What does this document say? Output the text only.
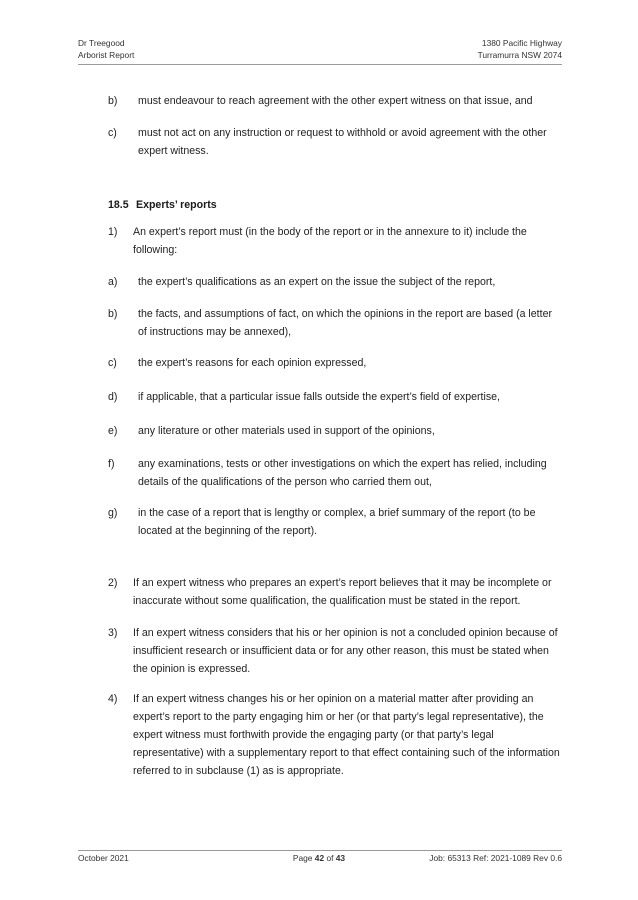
Dr Treegood
Arborist Report
1380 Pacific Highway
Turramurra NSW 2074
b) must endeavour to reach agreement with the other expert witness on that issue, and
c) must not act on any instruction or request to withhold or avoid agreement with the other expert witness.
18.5 Experts’ reports
1) An expert’s report must (in the body of the report or in the annexure to it) include the following:
a) the expert’s qualifications as an expert on the issue the subject of the report,
b) the facts, and assumptions of fact, on which the opinions in the report are based (a letter of instructions may be annexed),
c) the expert’s reasons for each opinion expressed,
d) if applicable, that a particular issue falls outside the expert’s field of expertise,
e) any literature or other materials used in support of the opinions,
f) any examinations, tests or other investigations on which the expert has relied, including details of the qualifications of the person who carried them out,
g) in the case of a report that is lengthy or complex, a brief summary of the report (to be located at the beginning of the report).
2) If an expert witness who prepares an expert’s report believes that it may be incomplete or inaccurate without some qualification, the qualification must be stated in the report.
3) If an expert witness considers that his or her opinion is not a concluded opinion because of insufficient research or insufficient data or for any other reason, this must be stated when the opinion is expressed.
4) If an expert witness changes his or her opinion on a material matter after providing an expert’s report to the party engaging him or her (or that party’s legal representative), the expert witness must forthwith provide the engaging party (or that party’s legal representative) with a supplementary report to that effect containing such of the information referred to in subclause (1) as is appropriate.
October 2021	Page 42 of 43	Job: 65313 Ref: 2021-1089 Rev 0.6
